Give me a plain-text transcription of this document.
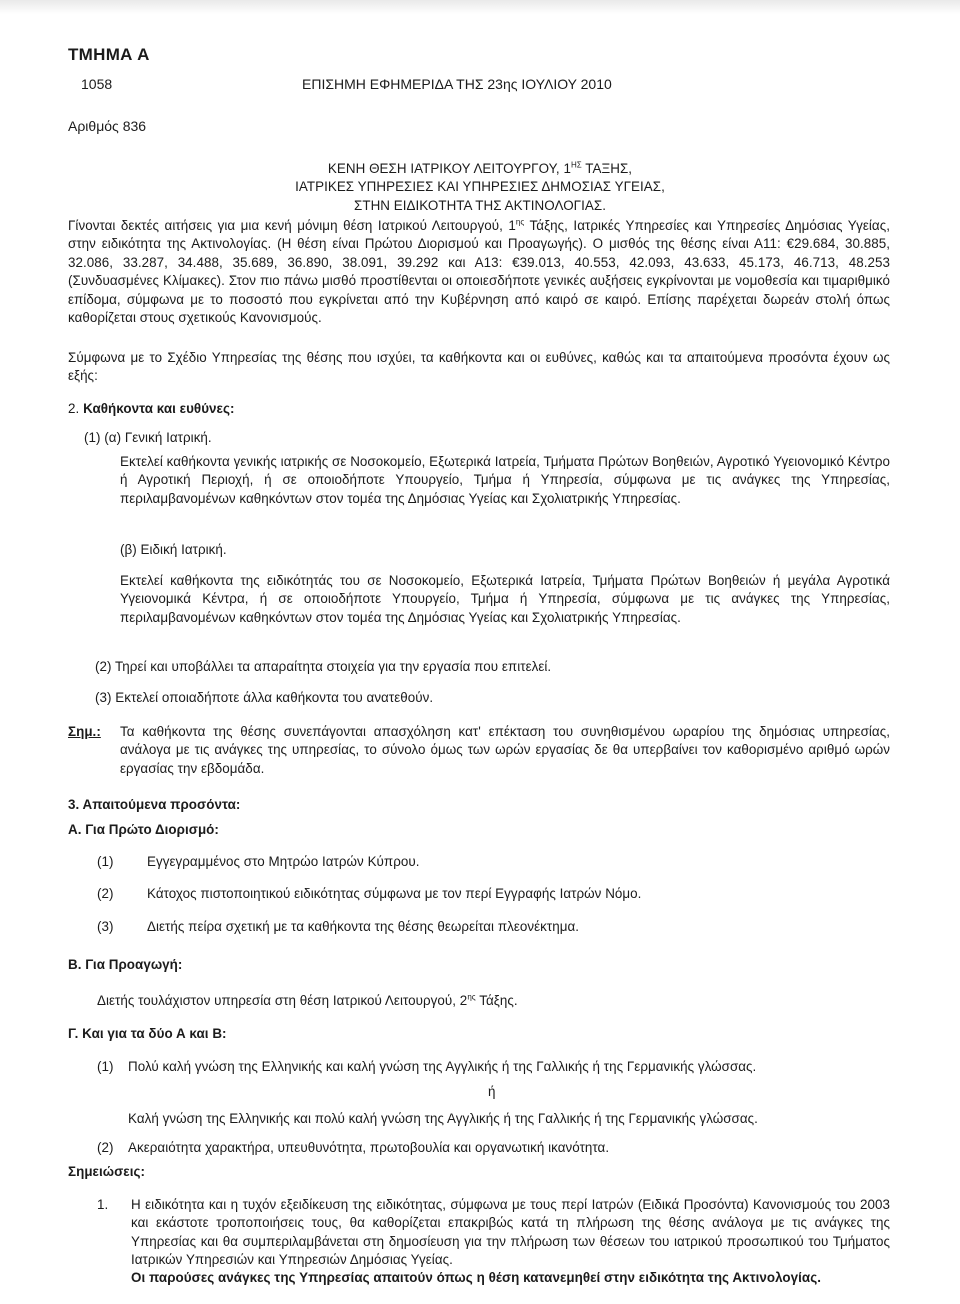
ΤΜΗΜΑ Α
1058	ΕΠΙΣΗΜΗ ΕΦΗΜΕΡΙΔΑ ΤΗΣ 23ης ΙΟΥΛΙΟΥ 2010
Αριθμός 836
ΚΕΝΗ ΘΕΣΗ ΙΑΤΡΙΚΟΥ ΛΕΙΤΟΥΡΓΟΥ, $1^{H\Sigma}$ ΤΑΞΗΣ,
ΙΑΤΡΙΚΕΣ ΥΠΗΡΕΣΙΕΣ ΚΑΙ ΥΠΗΡΕΣΙΕΣ ΔΗΜΟΣΙΑΣ ΥΓΕΙΑΣ,
ΣΤΗΝ ΕΙΔΙΚΟΤΗΤΑ ΤΗΣ ΑΚΤΙΝΟΛΟΓΙΑΣ.
Γίνονται δεκτές αιτήσεις για μια κενή μόνιμη θέση Ιατρικού Λειτουργού, $1^{\eta\varsigma}$ Τάξης, Ιατρικές Υπηρεσίες και Υπηρεσίες Δημόσιας Υγείας, στην ειδικότητα της Ακτινολογίας. (Η θέση είναι Πρώτου Διορισμού και Προαγωγής). Ο μισθός της θέσης είναι Α11: €29.684, 30.885, 32.086, 33.287, 34.488, 35.689, 36.890, 38.091, 39.292 και Α13: €39.013, 40.553, 42.093, 43.633, 45.173, 46.713, 48.253 (Συνδυασμένες Κλίμακες). Στον πιο πάνω μισθό προστίθενται οι οποιεσδήποτε γενικές αυξήσεις εγκρίνονται με νομοθεσία και τιμαριθμικό επίδομα, σύμφωνα με το ποσοστό που εγκρίνεται από την Κυβέρνηση από καιρό σε καιρό. Επίσης παρέχεται δωρεάν στολή όπως καθορίζεται στους σχετικούς Κανονισμούς.
Σύμφωνα με το Σχέδιο Υπηρεσίας της θέσης που ισχύει, τα καθήκοντα και οι ευθύνες, καθώς και τα απαιτούμενα προσόντα έχουν ως εξής:
2. Καθήκοντα και ευθύνες:
(1) (α) Γενική Ιατρική.
Εκτελεί καθήκοντα γενικής ιατρικής σε Νοσοκομείο, Εξωτερικά Ιατρεία, Τμήματα Πρώτων Βοηθειών, Αγροτικό Υγειονομικό Κέντρο ή Αγροτική Περιοχή, ή σε οποιοδήποτε Υπουργείο, Τμήμα ή Υπηρεσία, σύμφωνα με τις ανάγκες της Υπηρεσίας, περιλαμβανομένων καθηκόντων στον τομέα της Δημόσιας Υγείας και Σχολιατρικής Υπηρεσίας.
(β) Ειδική Ιατρική.
Εκτελεί καθήκοντα της ειδικότητάς του σε Νοσοκομείο, Εξωτερικά Ιατρεία, Τμήματα Πρώτων Βοηθειών ή μεγάλα Αγροτικά Υγειονομικά Κέντρα, ή σε οποιοδήποτε Υπουργείο, Τμήμα ή Υπηρεσία, σύμφωνα με τις ανάγκες της Υπηρεσίας, περιλαμβανομένων καθηκόντων στον τομέα της Δημόσιας Υγείας και Σχολιατρικής Υπηρεσίας.
(2) Τηρεί και υποβάλλει τα απαραίτητα στοιχεία για την εργασία που επιτελεί.
(3) Εκτελεί οποιαδήποτε άλλα καθήκοντα του ανατεθούν.
Σημ.: Τα καθήκοντα της θέσης συνεπάγονται απασχόληση κατ' επέκταση του συνηθισμένου ωραρίου της δημόσιας υπηρεσίας, ανάλογα με τις ανάγκες της υπηρεσίας, το σύνολο όμως των ωρών εργασίας δε θα υπερβαίνει τον καθορισμένο αριθμό ωρών εργασίας την εβδομάδα.
3. Απαιτούμενα προσόντα:
Α. Για Πρώτο Διορισμό:
(1) Εγγεγραμμένος στο Μητρώο Ιατρών Κύπρου.
(2) Κάτοχος πιστοποιητικού ειδικότητας σύμφωνα με τον περί Εγγραφής Ιατρών Νόμο.
(3) Διετής πείρα σχετική με τα καθήκοντα της θέσης θεωρείται πλεονέκτημα.
Β. Για Προαγωγή:
Διετής τουλάχιστον υπηρεσία στη θέση Ιατρικού Λειτουργού, $2^{\eta\varsigma}$ Τάξης.
Γ. Και για τα δύο Α και Β:
(1) Πολύ καλή γνώση της Ελληνικής και καλή γνώση της Αγγλικής ή της Γαλλικής ή της Γερμανικής γλώσσας.
ή
Καλή γνώση της Ελληνικής και πολύ καλή γνώση της Αγγλικής ή της Γαλλικής ή της Γερμανικής γλώσσας.
(2) Ακεραιότητα χαρακτήρα, υπευθυνότητα, πρωτοβουλία και οργανωτική ικανότητα.
Σημειώσεις:
1. Η ειδικότητα και η τυχόν εξειδίκευση της ειδικότητας, σύμφωνα με τους περί Ιατρών (Ειδικά Προσόντα) Κανονισμούς του 2003 και εκάστοτε τροποποιήσεις τους, θα καθορίζεται επακριβώς κατά τη πλήρωση της θέσης ανάλογα με τις ανάγκες της Υπηρεσίας και θα συμπεριλαμβάνεται στη δημοσίευση για την πλήρωση των θέσεων του ιατρικού προσωπικού του Τμήματος Ιατρικών Υπηρεσιών και Υπηρεσιών Δημόσιας Υγείας.
Οι παρούσες ανάγκες της Υπηρεσίας απαιτούν όπως η θέση κατανεμηθεί στην ειδικότητα της Ακτινολογίας.
